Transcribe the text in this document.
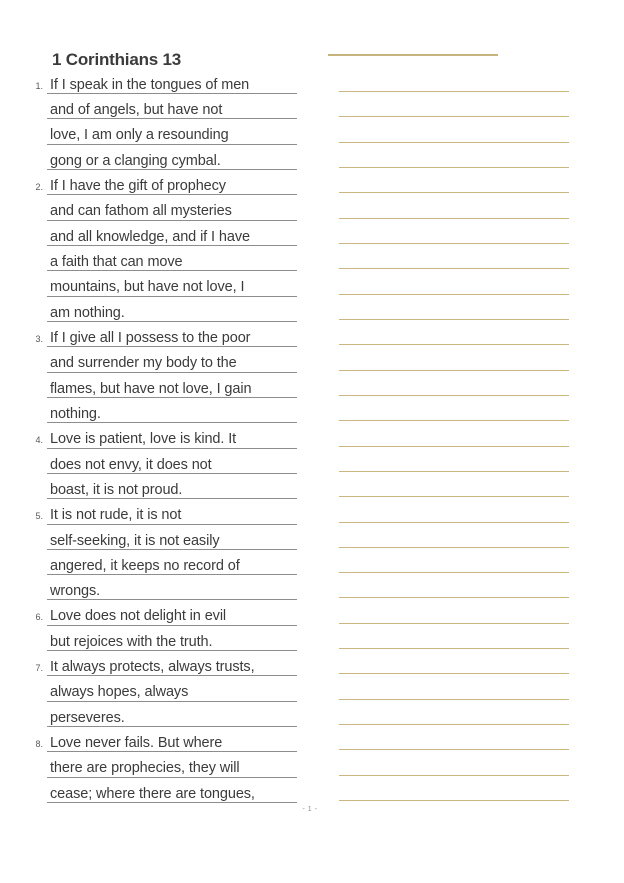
1 Corinthians 13
1. If I speak in the tongues of men
and of angels, but have not
love, I am only a resounding
gong or a clanging cymbal.
2. If I have the gift of prophecy
and can fathom all mysteries
and all knowledge, and if I have
a faith that can move
mountains, but have not love, I
am nothing.
3. If I give all I possess to the poor
and surrender my body to the
flames, but have not love, I gain
nothing.
4. Love is patient, love is kind. It
does not envy, it does not
boast, it is not proud.
5. It is not rude, it is not
self-seeking, it is not easily
angered, it keeps no record of
wrongs.
6. Love does not delight in evil
but rejoices with the truth.
7. It always protects, always trusts,
always hopes, always
perseveres.
8. Love never fails. But where
there are prophecies, they will
cease; where there are tongues,
- 1 -
